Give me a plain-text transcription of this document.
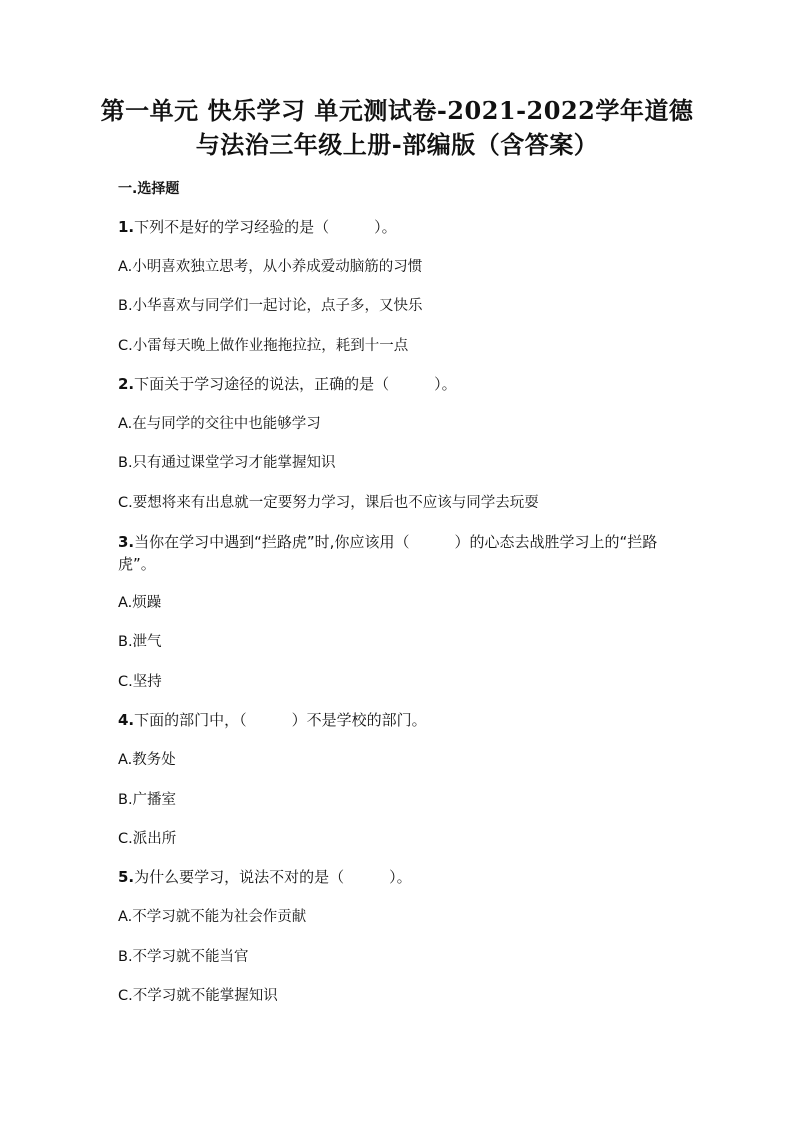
第一单元 快乐学习 单元测试卷-2021-2022学年道德
与法治三年级上册-部编版（含答案）
一.选择题
1.下列不是好的学习经验的是（　　　）。
A.小明喜欢独立思考，从小养成爱动脑筋的习惯
B.小华喜欢与同学们一起讨论，点子多，又快乐
C.小雷每天晚上做作业拖拖拉拉，耗到十一点
2.下面关于学习途径的说法，正确的是（　　　）。
A.在与同学的交往中也能够学习
B.只有通过课堂学习才能掌握知识
C.要想将来有出息就一定要努力学习，课后也不应该与同学去玩耍
3.当你在学习中遇到“拦路虎”时,你应该用（　　　）的心态去战胜学习上的“拦路虎”。
A.烦躁
B.泄气
C.坚持
4.下面的部门中，（　　　）不是学校的部门。
A.教务处
B.广播室
C.派出所
5.为什么要学习，说法不对的是（　　　）。
A.不学习就不能为社会作贡献
B.不学习就不能当官
C.不学习就不能掌握知识
